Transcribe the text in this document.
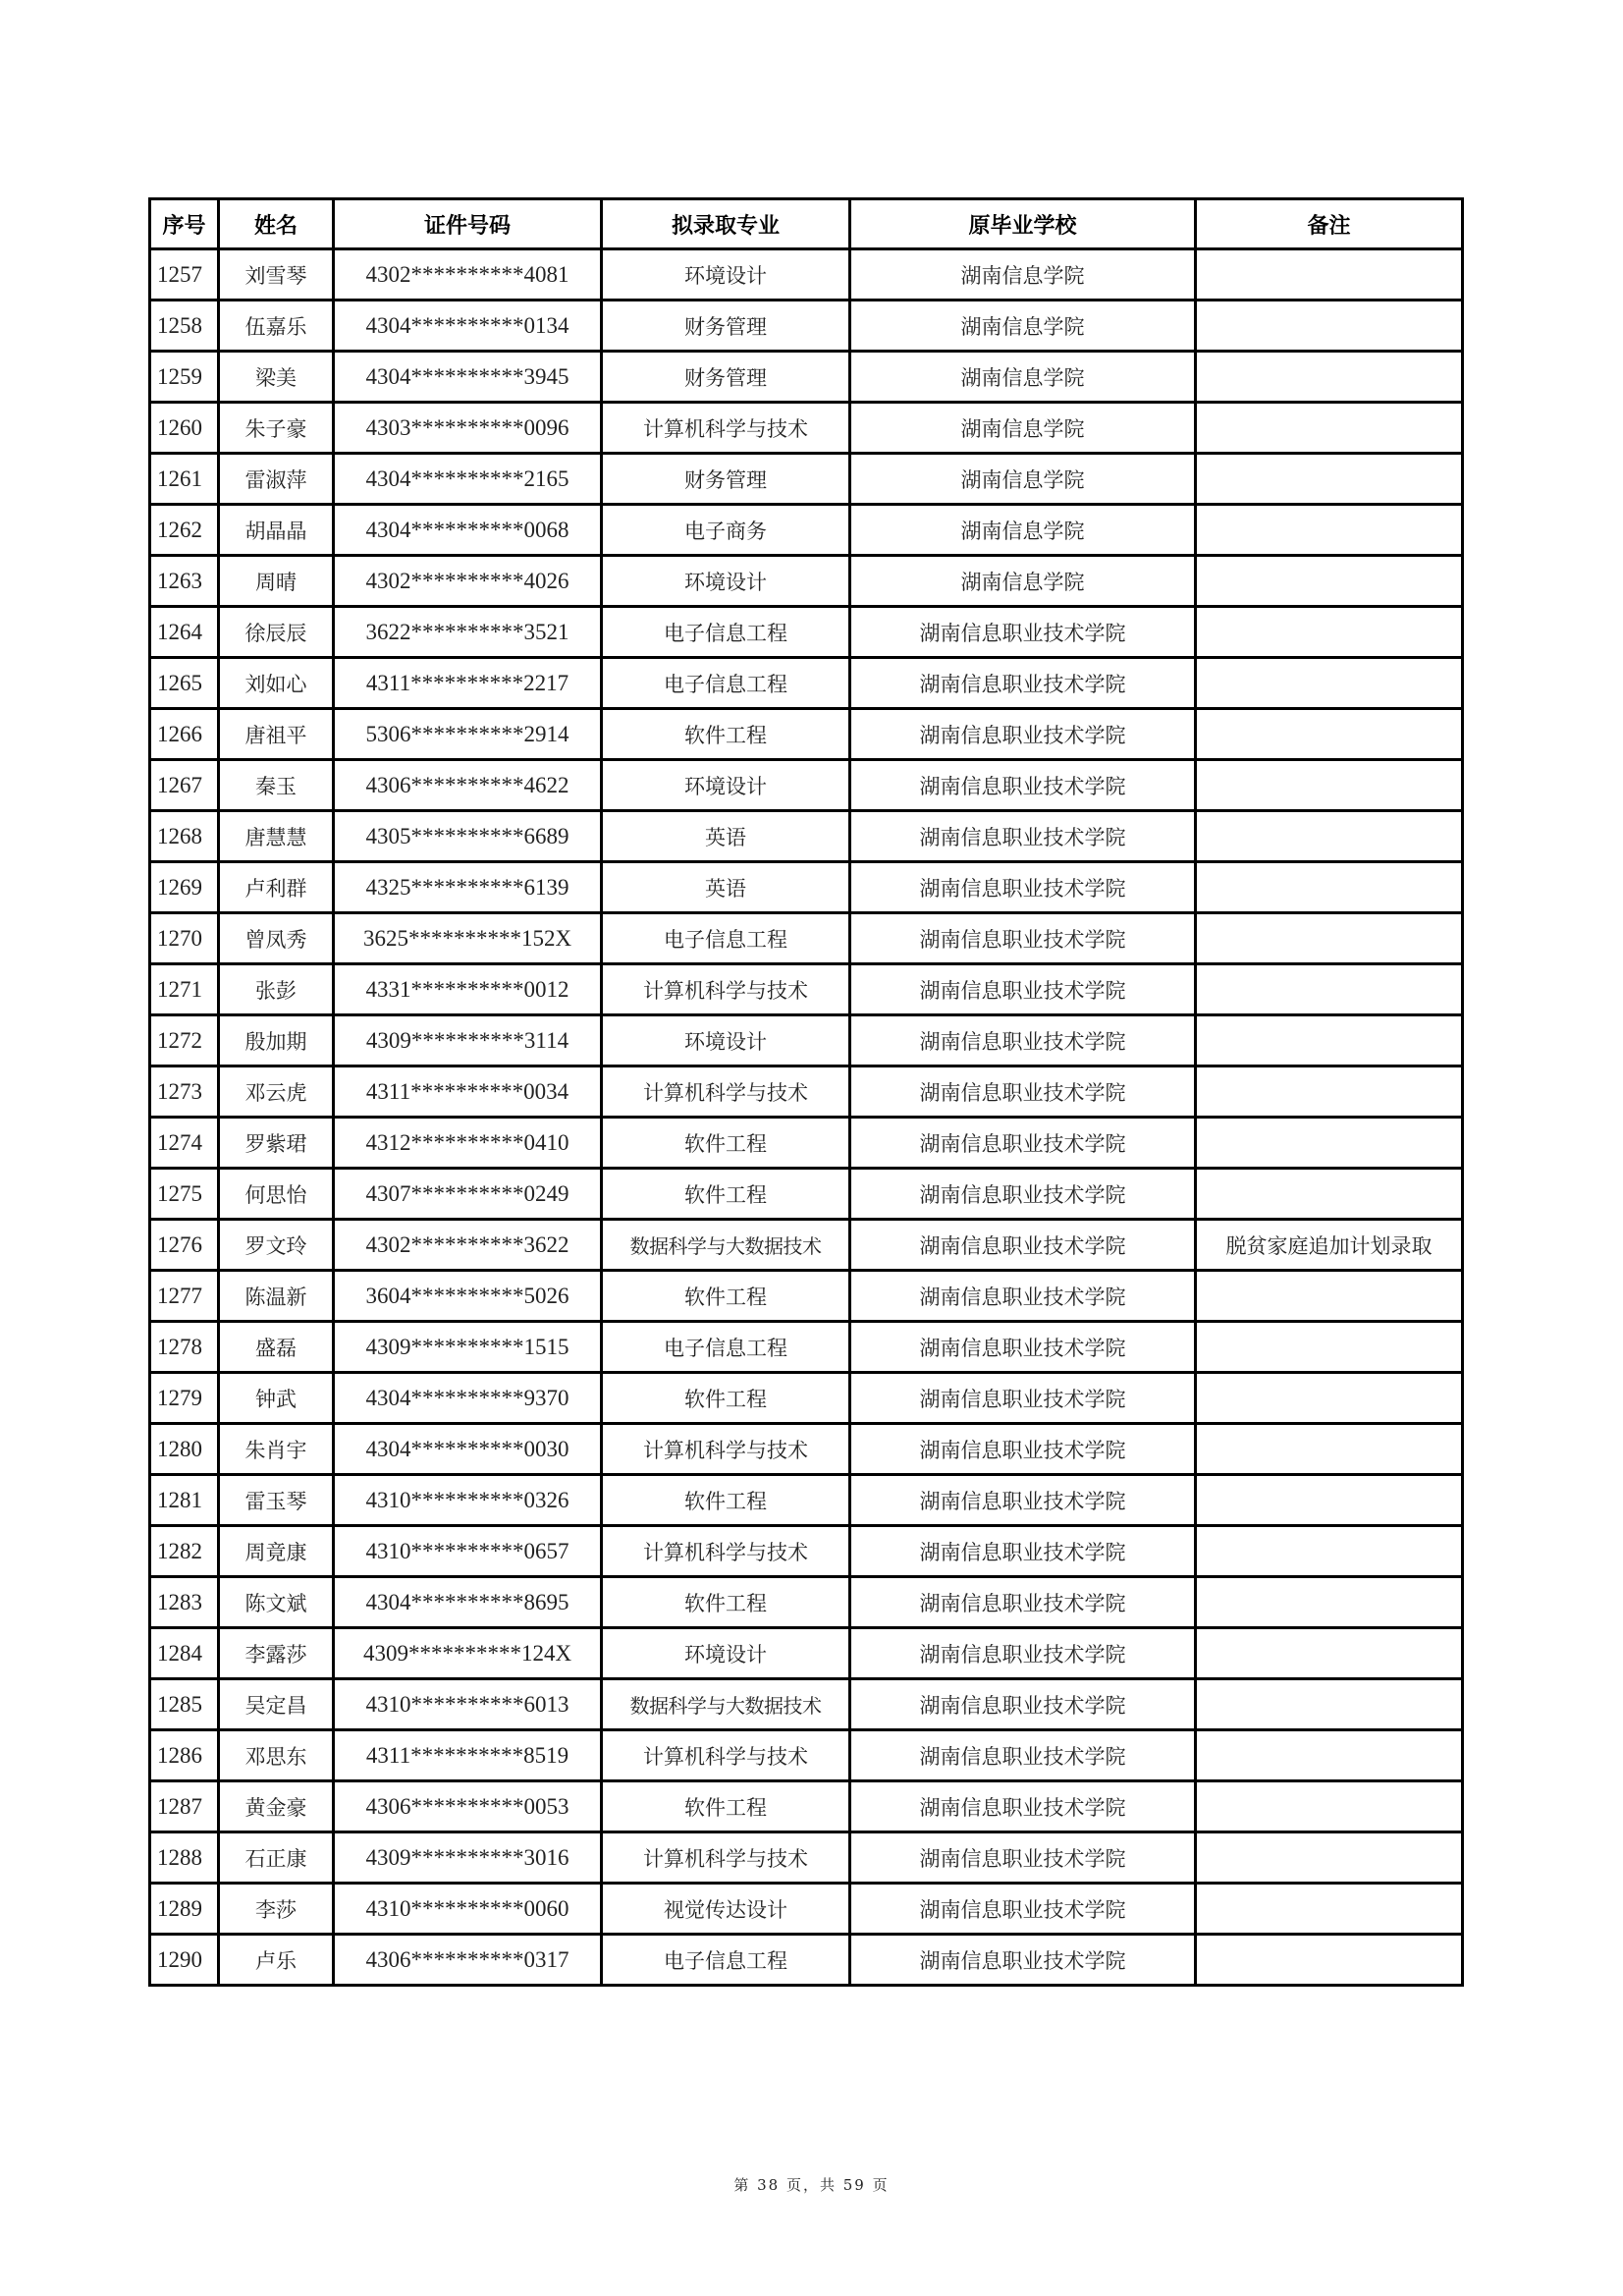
序号	姓名	证件号码	拟录取专业	原毕业学校	备注
1257	刘雪琴	4302**********4081	环境设计	湖南信息学院	
1258	伍嘉乐	4304**********0134	财务管理	湖南信息学院	
1259	梁美	4304**********3945	财务管理	湖南信息学院	
1260	朱子豪	4303**********0096	计算机科学与技术	湖南信息学院	
1261	雷淑萍	4304**********2165	财务管理	湖南信息学院	
1262	胡晶晶	4304**********0068	电子商务	湖南信息学院	
1263	周晴	4302**********4026	环境设计	湖南信息学院	
1264	徐辰辰	3622**********3521	电子信息工程	湖南信息职业技术学院	
1265	刘如心	4311**********2217	电子信息工程	湖南信息职业技术学院	
1266	唐祖平	5306**********2914	软件工程	湖南信息职业技术学院	
1267	秦玉	4306**********4622	环境设计	湖南信息职业技术学院	
1268	唐慧慧	4305**********6689	英语	湖南信息职业技术学院	
1269	卢利群	4325**********6139	英语	湖南信息职业技术学院	
1270	曾凤秀	3625**********152X	电子信息工程	湖南信息职业技术学院	
1271	张彭	4331**********0012	计算机科学与技术	湖南信息职业技术学院	
1272	殷加期	4309**********3114	环境设计	湖南信息职业技术学院	
1273	邓云虎	4311**********0034	计算机科学与技术	湖南信息职业技术学院	
1274	罗紫珺	4312**********0410	软件工程	湖南信息职业技术学院	
1275	何思怡	4307**********0249	软件工程	湖南信息职业技术学院	
1276	罗文玲	4302**********3622	数据科学与大数据技术	湖南信息职业技术学院	脱贫家庭追加计划录取
1277	陈温新	3604**********5026	软件工程	湖南信息职业技术学院	
1278	盛磊	4309**********1515	电子信息工程	湖南信息职业技术学院	
1279	钟武	4304**********9370	软件工程	湖南信息职业技术学院	
1280	朱肖宇	4304**********0030	计算机科学与技术	湖南信息职业技术学院	
1281	雷玉琴	4310**********0326	软件工程	湖南信息职业技术学院	
1282	周竟康	4310**********0657	计算机科学与技术	湖南信息职业技术学院	
1283	陈文斌	4304**********8695	软件工程	湖南信息职业技术学院	
1284	李露莎	4309**********124X	环境设计	湖南信息职业技术学院	
1285	吴定昌	4310**********6013	数据科学与大数据技术	湖南信息职业技术学院	
1286	邓思东	4311**********8519	计算机科学与技术	湖南信息职业技术学院	
1287	黄金豪	4306**********0053	软件工程	湖南信息职业技术学院	
1288	石正康	4309**********3016	计算机科学与技术	湖南信息职业技术学院	
1289	李莎	4310**********0060	视觉传达设计	湖南信息职业技术学院	
1290	卢乐	4306**********0317	电子信息工程	湖南信息职业技术学院	
第 38 页，共 59 页
